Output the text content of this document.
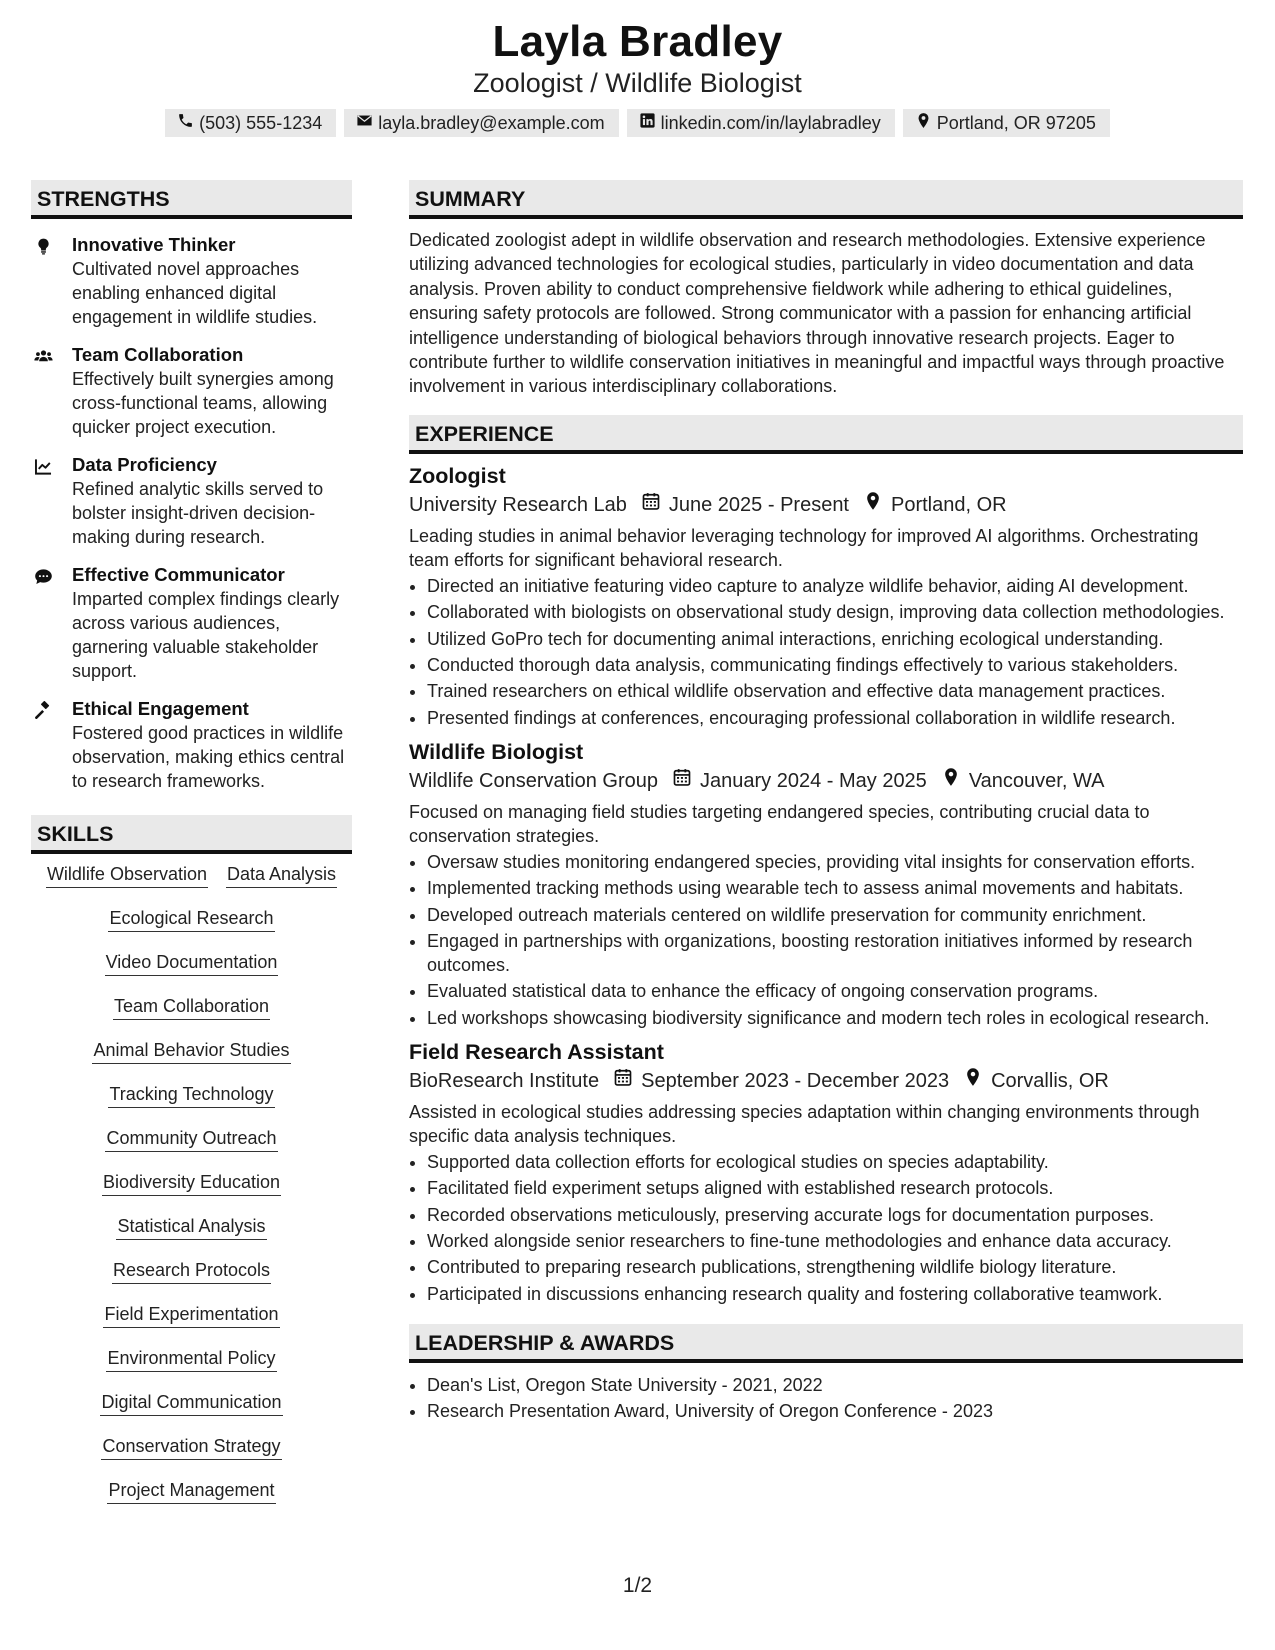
Layla Bradley
Zoologist / Wildlife Biologist
(503) 555-1234	layla.bradley@example.com	linkedin.com/in/laylabradley	Portland, OR 97205
STRENGTHS
Innovative Thinker
Cultivated novel approaches enabling enhanced digital engagement in wildlife studies.
Team Collaboration
Effectively built synergies among cross-functional teams, allowing quicker project execution.
Data Proficiency
Refined analytic skills served to bolster insight-driven decision-making during research.
Effective Communicator
Imparted complex findings clearly across various audiences, garnering valuable stakeholder support.
Ethical Engagement
Fostered good practices in wildlife observation, making ethics central to research frameworks.
SKILLS
Wildlife Observation Data Analysis
Ecological Research
Video Documentation
Team Collaboration
Animal Behavior Studies
Tracking Technology
Community Outreach
Biodiversity Education
Statistical Analysis
Research Protocols
Field Experimentation
Environmental Policy
Digital Communication
Conservation Strategy
Project Management
SUMMARY
Dedicated zoologist adept in wildlife observation and research methodologies. Extensive experience utilizing advanced technologies for ecological studies, particularly in video documentation and data analysis. Proven ability to conduct comprehensive fieldwork while adhering to ethical guidelines, ensuring safety protocols are followed. Strong communicator with a passion for enhancing artificial intelligence understanding of biological behaviors through innovative research projects. Eager to contribute further to wildlife conservation initiatives in meaningful and impactful ways through proactive involvement in various interdisciplinary collaborations.
EXPERIENCE
Zoologist
University Research Lab June 2025 - Present Portland, OR
Leading studies in animal behavior leveraging technology for improved AI algorithms. Orchestrating team efforts for significant behavioral research.
• Directed an initiative featuring video capture to analyze wildlife behavior, aiding AI development.
• Collaborated with biologists on observational study design, improving data collection methodologies.
• Utilized GoPro tech for documenting animal interactions, enriching ecological understanding.
• Conducted thorough data analysis, communicating findings effectively to various stakeholders.
• Trained researchers on ethical wildlife observation and effective data management practices.
• Presented findings at conferences, encouraging professional collaboration in wildlife research.
Wildlife Biologist
Wildlife Conservation Group January 2024 - May 2025 Vancouver, WA
Focused on managing field studies targeting endangered species, contributing crucial data to conservation strategies.
• Oversaw studies monitoring endangered species, providing vital insights for conservation efforts.
• Implemented tracking methods using wearable tech to assess animal movements and habitats.
• Developed outreach materials centered on wildlife preservation for community enrichment.
• Engaged in partnerships with organizations, boosting restoration initiatives informed by research outcomes.
• Evaluated statistical data to enhance the efficacy of ongoing conservation programs.
• Led workshops showcasing biodiversity significance and modern tech roles in ecological research.
Field Research Assistant
BioResearch Institute September 2023 - December 2023 Corvallis, OR
Assisted in ecological studies addressing species adaptation within changing environments through specific data analysis techniques.
• Supported data collection efforts for ecological studies on species adaptability.
• Facilitated field experiment setups aligned with established research protocols.
• Recorded observations meticulously, preserving accurate logs for documentation purposes.
• Worked alongside senior researchers to fine-tune methodologies and enhance data accuracy.
• Contributed to preparing research publications, strengthening wildlife biology literature.
• Participated in discussions enhancing research quality and fostering collaborative teamwork.
LEADERSHIP & AWARDS
• Dean's List, Oregon State University - 2021, 2022
• Research Presentation Award, University of Oregon Conference - 2023
1/2
